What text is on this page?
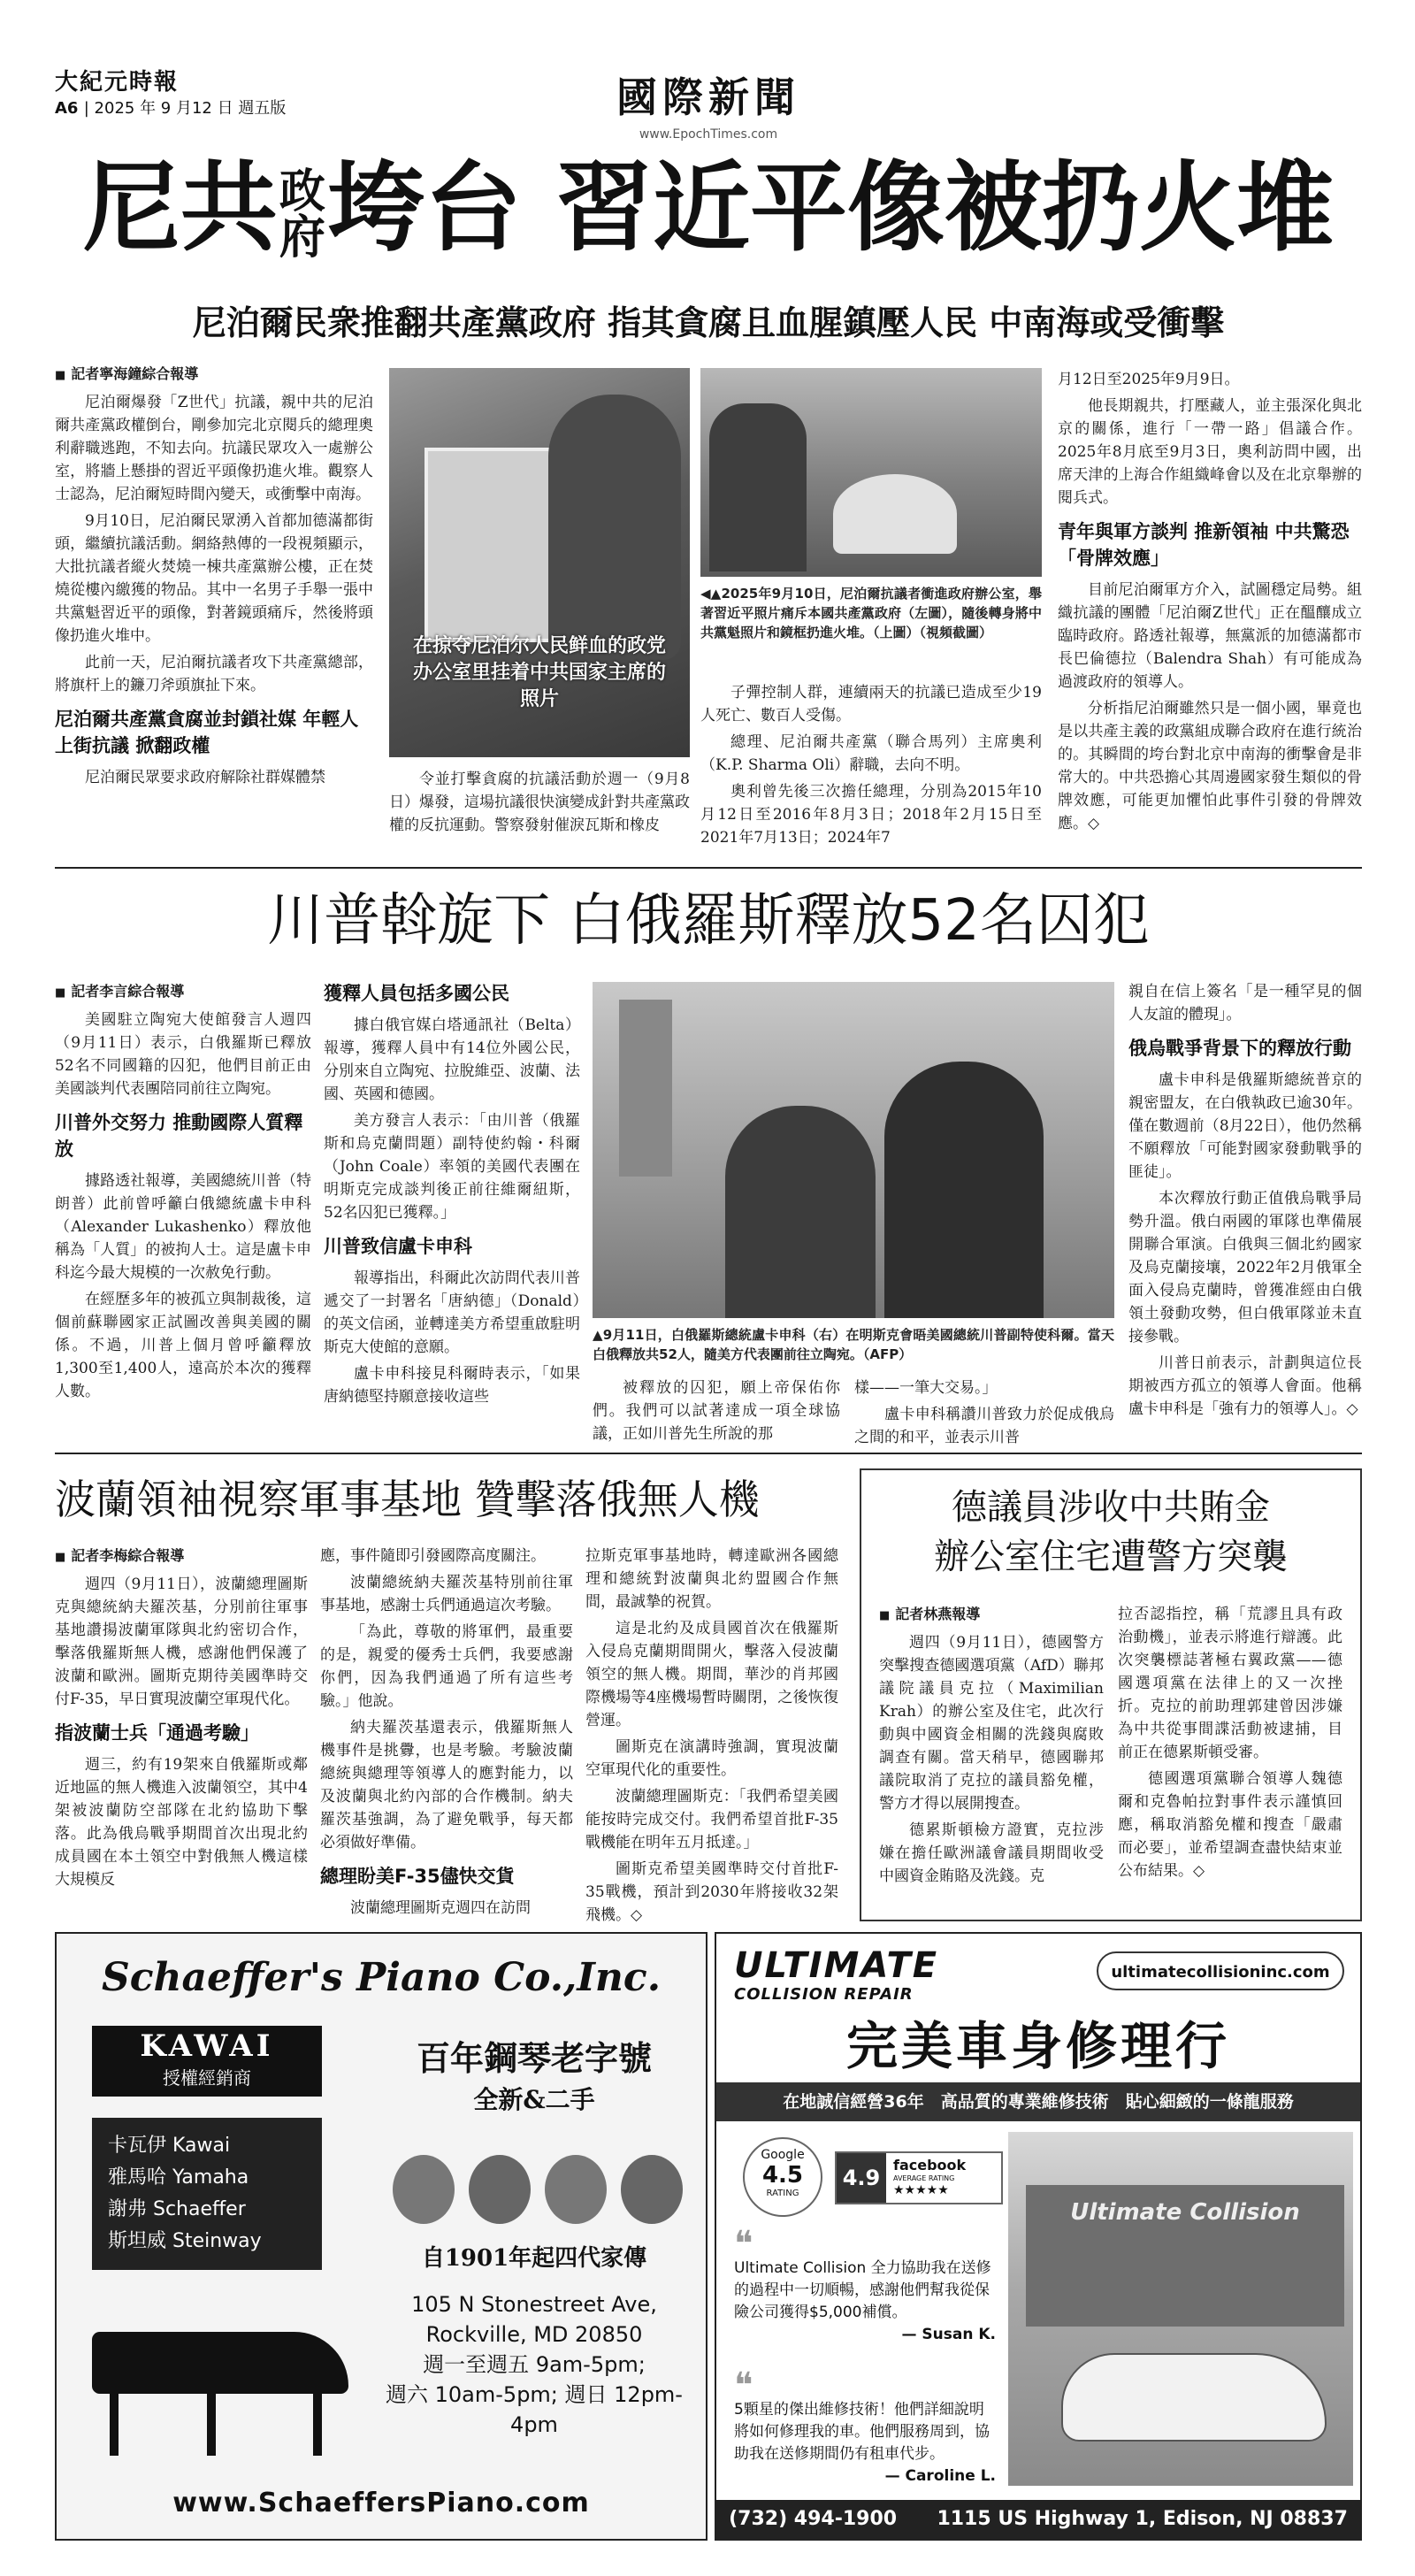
大紀元時報
A6 | 2025 年 9 月12 日 週五版	國際新聞
www.EpochTimes.com
尼共政府垮台 習近平像被扔火堆
尼泊爾民衆推翻共產黨政府 指其貪腐且血腥鎮壓人民 中南海或受衝擊

■ 記者寧海鐘綜合報導

尼泊爾爆發「Z世代」抗議，親中共的尼泊爾共產黨政權倒台，剛參加完北京閱兵的總理奧利辭職逃跑，不知去向。抗議民眾攻入一處辦公室，將牆上懸掛的習近平頭像扔進火堆。觀察人士認為，尼泊爾短時間內變天，或衝擊中南海。

9月10日，尼泊爾民眾湧入首都加德滿都街頭，繼續抗議活動。網絡熱傳的一段視頻顯示，大批抗議者縱火焚燒一棟共產黨辦公樓，正在焚燒從樓內繳獲的物品。其中一名男子手舉一張中共黨魁習近平的頭像，對著鏡頭痛斥，然後將頭像扔進火堆中。

此前一天，尼泊爾抗議者攻下共產黨總部，將旗杆上的鐮刀斧頭旗扯下來。

尼泊爾共產黨貪腐並封鎖社媒 年輕人上街抗議 掀翻政權

尼泊爾民眾要求政府解除社群媒體禁

在掠夺尼泊尔人民鲜血的政党办公室里挂着中共国家主席的照片
◀▲2025年9月10日，尼泊爾抗議者衝進政府辦公室，舉著習近平照片痛斥本國共產黨政府（左圖），隨後轉身將中共黨魁照片和鏡框扔進火堆。（上圖）（視頻截圖）

令並打擊貪腐的抗議活動於週一（9月8日）爆發，這場抗議很快演變成針對共產黨政權的反抗運動。警察發射催淚瓦斯和橡皮

子彈控制人群，連續兩天的抗議已造成至少19人死亡、數百人受傷。

總理、尼泊爾共產黨（聯合馬列）主席奧利（K.P. Sharma Oli）辭職，去向不明。

奧利曾先後三次擔任總理，分別為2015年10月12日至2016年8月3日；2018年2月15日至2021年7月13日；2024年7

月12日至2025年9月9日。

他長期親共，打壓藏人，並主張深化與北京的關係，進行「一帶一路」倡議合作。2025年8月底至9月3日，奧利訪問中國，出席天津的上海合作組織峰會以及在北京舉辦的閱兵式。

青年與軍方談判 推新領袖 中共驚恐「骨牌效應」

目前尼泊爾軍方介入，試圖穩定局勢。組織抗議的團體「尼泊爾Z世代」正在醞釀成立臨時政府。路透社報導，無黨派的加德滿都市長巴倫德拉（Balendra Shah）有可能成為過渡政府的領導人。

分析指尼泊爾雖然只是一個小國，畢竟也是以共產主義的政黨組成聯合政府在進行統治的。其瞬間的垮台對北京中南海的衝擊會是非常大的。中共恐擔心其周邊國家發生類似的骨牌效應，可能更加懼怕此事件引發的骨牌效應。◇

川普斡旋下 白俄羅斯釋放52名囚犯

■ 記者李言綜合報導

美國駐立陶宛大使館發言人週四（9月11日）表示，白俄羅斯已釋放52名不同國籍的囚犯，他們目前正由美國談判代表團陪同前往立陶宛。

川普外交努力 推動國際人質釋放

據路透社報導，美國總統川普（特朗普）此前曾呼籲白俄總統盧卡申科（Alexander Lukashenko）釋放他稱為「人質」的被拘人士。這是盧卡申科迄今最大規模的一次赦免行動。

在經歷多年的被孤立與制裁後，這個前蘇聯國家正試圖改善與美國的關係。不過，川普上個月曾呼籲釋放1,300至1,400人，遠高於本次的獲釋人數。

獲釋人員包括多國公民

據白俄官媒白塔通訊社（Belta）報導，獲釋人員中有14位外國公民，分別來自立陶宛、拉脫維亞、波蘭、法國、英國和德國。

美方發言人表示：「由川普（俄羅斯和烏克蘭問題）副特使約翰・科爾（John Coale）率領的美國代表團在明斯克完成談判後正前往維爾紐斯，52名囚犯已獲釋。」

川普致信盧卡申科

報導指出，科爾此次訪問代表川普遞交了一封署名「唐納德」（Donald）的英文信函，並轉達美方希望重啟駐明斯克大使館的意願。

盧卡申科接見科爾時表示，「如果唐納德堅持願意接收這些

▲9月11日，白俄羅斯總統盧卡申科（右）在明斯克會晤美國總統川普副特使科爾。當天白俄釋放共52人，隨美方代表團前往立陶宛。（AFP）

被釋放的囚犯，願上帝保佑你們。我們可以試著達成一項全球協議，正如川普先生所說的那

樣——一筆大交易。」

盧卡申科稱讚川普致力於促成俄烏之間的和平，並表示川普

親自在信上簽名「是一種罕見的個人友誼的體現」。

俄烏戰爭背景下的釋放行動

盧卡申科是俄羅斯總統普京的親密盟友，在白俄執政已逾30年。僅在數週前（8月22日），他仍然稱不願釋放「可能對國家發動戰爭的匪徒」。

本次釋放行動正值俄烏戰爭局勢升溫。俄白兩國的軍隊也準備展開聯合軍演。白俄與三個北約國家及烏克蘭接壤，2022年2月俄軍全面入侵烏克蘭時，曾獲准經由白俄領土發動攻勢，但白俄軍隊並未直接參戰。

川普日前表示，計劃與這位長期被西方孤立的領導人會面。他稱盧卡申科是「強有力的領導人」。◇

波蘭領袖視察軍事基地 贊擊落俄無人機

■ 記者李梅綜合報導

週四（9月11日），波蘭總理圖斯克與總統納夫羅茨基，分別前往軍事基地讚揚波蘭軍隊與北約密切合作，擊落俄羅斯無人機，感謝他們保護了波蘭和歐洲。圖斯克期待美國準時交付F-35，早日實現波蘭空軍現代化。

指波蘭士兵「通過考驗」

週三，約有19架來自俄羅斯或鄰近地區的無人機進入波蘭領空，其中4架被波蘭防空部隊在北約協助下擊落。此為俄烏戰爭期間首次出現北約成員國在本土領空中對俄無人機這樣大規模反

應，事件隨即引發國際高度關注。

波蘭總統納夫羅茨基特別前往軍事基地，感謝士兵們通過這次考驗。

「為此，尊敬的將軍們，最重要的是，親愛的優秀士兵們，我要感謝你們，因為我們通過了所有這些考驗。」他說。

納夫羅茨基還表示，俄羅斯無人機事件是挑釁，也是考驗。考驗波蘭總統與總理等領導人的應對能力，以及波蘭與北約內部的合作機制。納夫羅茨基強調，為了避免戰爭，每天都必須做好準備。

總理盼美F-35儘快交貨

波蘭總理圖斯克週四在訪問

拉斯克軍事基地時，轉達歐洲各國總理和總統對波蘭與北約盟國合作無間，最誠摯的祝賀。

這是北約及成員國首次在俄羅斯入侵烏克蘭期間開火，擊落入侵波蘭領空的無人機。期間，華沙的肖邦國際機場等4座機場暫時關閉，之後恢復營運。

圖斯克在演講時強調，實現波蘭空軍現代化的重要性。

波蘭總理圖斯克：「我們希望美國能按時完成交付。我們希望首批F-35戰機能在明年五月抵達。」

圖斯克希望美國準時交付首批F-35戰機，預計到2030年將接收32架飛機。◇

德議員涉收中共賄金
辦公室住宅遭警方突襲

■ 記者林燕報導

週四（9月11日），德國警方突擊搜查德國選項黨（AfD）聯邦議院議員克拉（Maximilian Krah）的辦公室及住宅，此次行動與中國資金相關的洗錢與腐敗調查有關。當天稍早，德國聯邦議院取消了克拉的議員豁免權，警方才得以展開搜查。

德累斯頓檢方證實，克拉涉嫌在擔任歐洲議會議員期間收受中國資金賄賂及洗錢。克

拉否認指控，稱「荒謬且具有政治動機」，並表示將進行辯護。此次突襲標誌著極右翼政黨——德國選項黨在法律上的又一次挫折。克拉的前助理郭建曾因涉嫌為中共從事間諜活動被逮捕，目前正在德累斯頓受審。

德國選項黨聯合領導人魏德爾和克魯帕拉對事件表示謹慎回應，稱取消豁免權和搜查「嚴肅而必要」，並希望調查盡快結束並公布結果。◇

Schaeffer's Piano Co.,Inc.
KAWAI
授權經銷商	百年鋼琴老字號
全新&二手
卡瓦伊 Kawai
雅馬哈 Yamaha
謝弗 Schaeffer
斯坦威 Steinway
自1901年起四代家傳
105 N Stonestreet Ave,
Rockville, MD 20850
週一至週五 9am-5pm;
週六 10am-5pm; 週日 12pm-4pm
www.SchaeffersPiano.com
ULTIMATE
COLLISION REPAIR
ultimatecollisioninc.com
完美車身修理行
在地誠信經營36年　高品質的專業維修技術　貼心細緻的一條龍服務
Google
4.5
RATING
4.9
facebook
AVERAGE RATING
★★★★★
❝
Ultimate Collision 全力協助我在送修的過程中一切順暢，感謝他們幫我從保險公司獲得$5,000補償。
— Susan K.
❝
5顆星的傑出維修技術！他們詳細說明將如何修理我的車。他們服務周到，協助我在送修期間仍有租車代步。
— Caroline L.
Ultimate Collision
(732) 494-1900 1115 US Highway 1, Edison, NJ 08837
